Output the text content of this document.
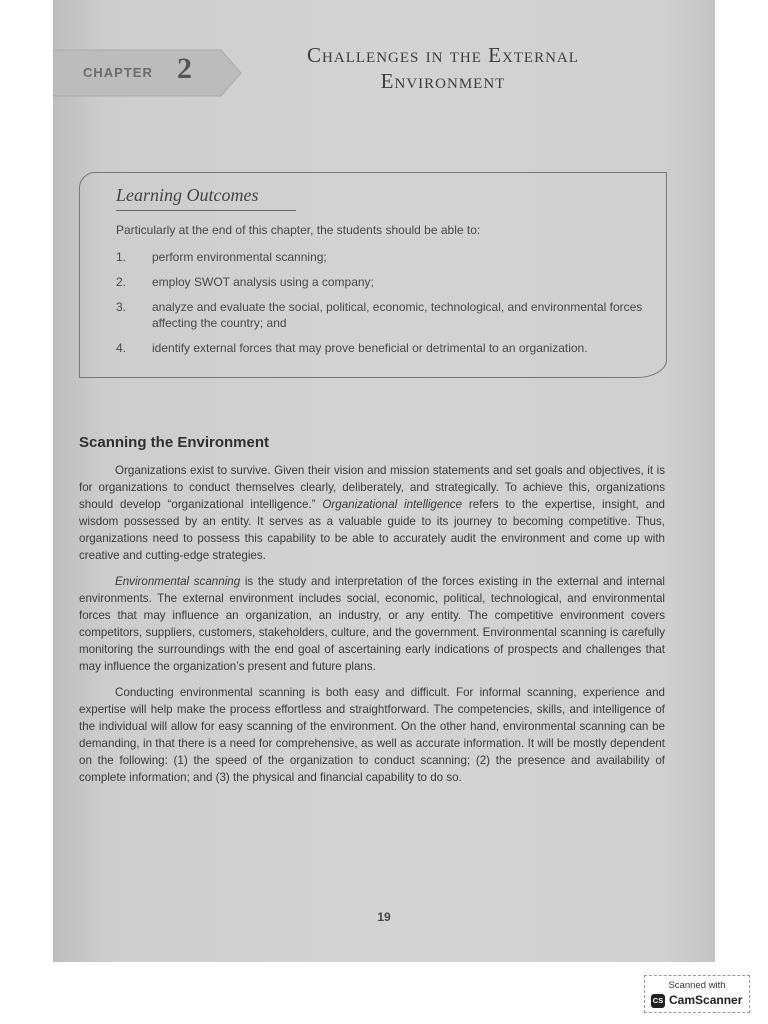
CHAPTER 2	Challenges in the External
Environment
Learning Outcomes
Particularly at the end of this chapter, the students should be able to:
1.	perform environmental scanning;
2.	employ SWOT analysis using a company;
3.	analyze and evaluate the social, political, economic, technological, and environmental forces affecting the country; and
4.	identify external forces that may prove beneficial or detrimental to an organization.
Scanning the Environment

Organizations exist to survive. Given their vision and mission statements and set goals and objectives, it is for organizations to conduct themselves clearly, deliberately, and strategically. To achieve this, organizations should develop “organizational intelligence.” Organizational intelligence refers to the expertise, insight, and wisdom possessed by an entity. It serves as a valuable guide to its journey to becoming competitive. Thus, organizations need to possess this capability to be able to accurately audit the environment and come up with creative and cutting-edge strategies.

Environmental scanning is the study and interpretation of the forces existing in the external and internal environments. The external environment includes social, economic, political, technological, and environmental forces that may influence an organization, an industry, or any entity. The competitive environment covers competitors, suppliers, customers, stakeholders, culture, and the government. Environmental scanning is carefully monitoring the surroundings with the end goal of ascertaining early indications of prospects and challenges that may influence the organization’s present and future plans.

Conducting environmental scanning is both easy and difficult. For informal scanning, experience and expertise will help make the process effortless and straightforward. The competencies, skills, and intelligence of the individual will allow for easy scanning of the environment. On the other hand, environmental scanning can be demanding, in that there is a need for comprehensive, as well as accurate information. It will be mostly dependent on the following: (1) the speed of the organization to conduct scanning; (2) the presence and availability of complete information; and (3) the physical and financial capability to do so.

19
Scanned with
CS CamScanner
